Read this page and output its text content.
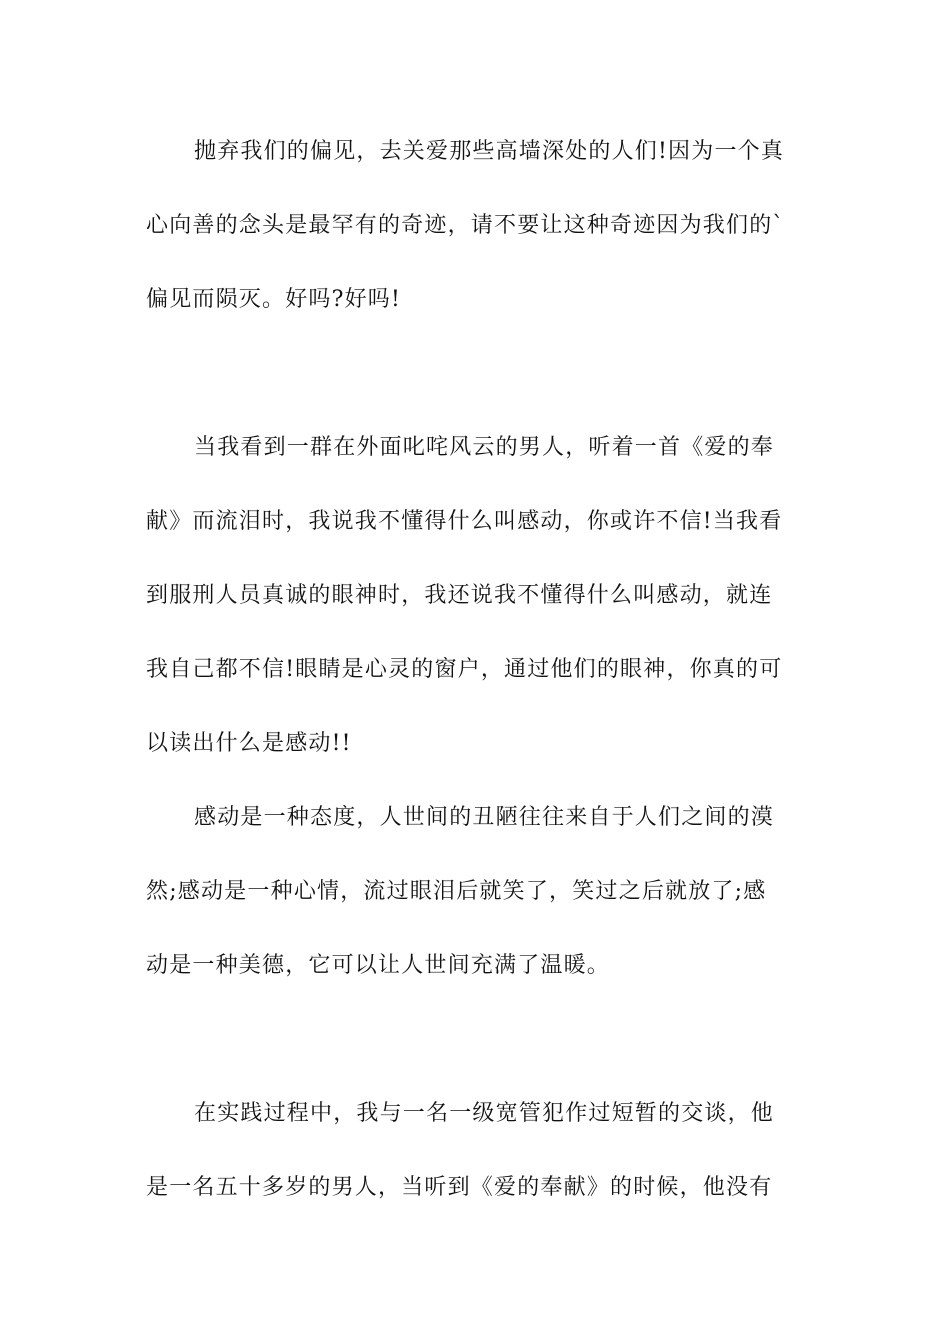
抛弃我们的偏见，去关爱那些高墙深处的人们!因为一个真
心向善的念头是最罕有的奇迹，请不要让这种奇迹因为我们的`
偏见而陨灭。好吗?好吗!
当我看到一群在外面叱咤风云的男人，听着一首《爱的奉
献》而流泪时，我说我不懂得什么叫感动，你或许不信!当我看
到服刑人员真诚的眼神时，我还说我不懂得什么叫感动，就连
我自己都不信!眼睛是心灵的窗户，通过他们的眼神，你真的可
以读出什么是感动!!
感动是一种态度，人世间的丑陋往往来自于人们之间的漠
然;感动是一种心情，流过眼泪后就笑了，笑过之后就放了;感
动是一种美德，它可以让人世间充满了温暖。
在实践过程中，我与一名一级宽管犯作过短暂的交谈，他
是一名五十多岁的男人，当听到《爱的奉献》的时候，他没有
